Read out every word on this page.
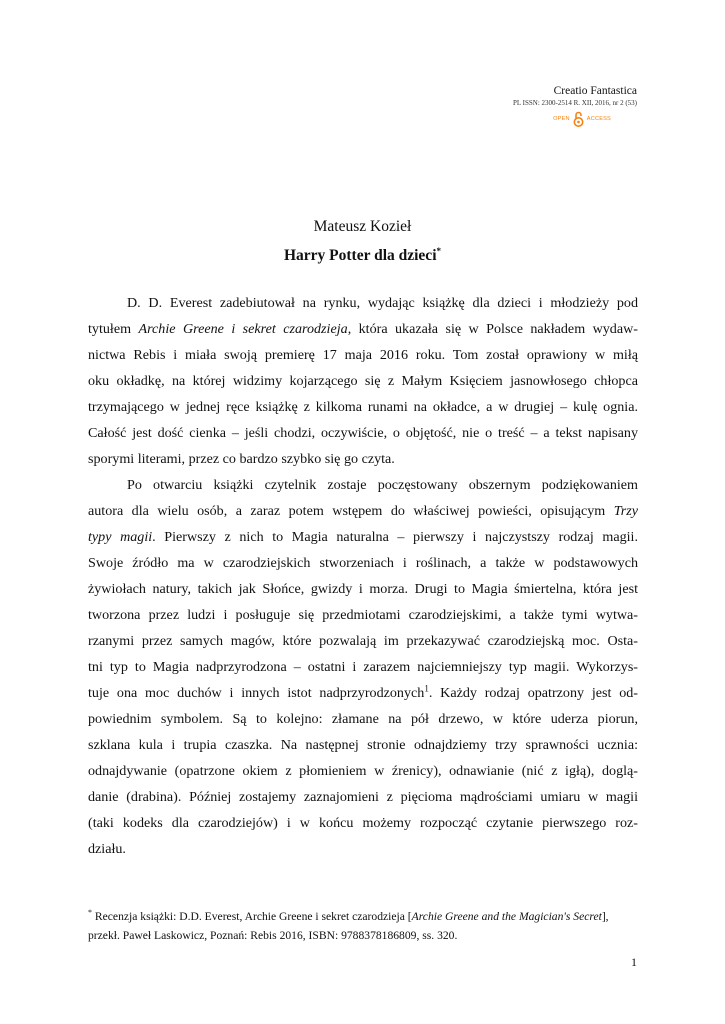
Creatio Fantastica
PL ISSN: 2300-2514 R. XII, 2016, nr 2 (53)
OPEN	ACCESS
Mateusz Kozieł
Harry Potter dla dzieci*
D. D. Everest zadebiutował na rynku, wydając książkę dla dzieci i młodzieży pod
tytułem Archie Greene i sekret czarodzieja, która ukazała się w Polsce nakładem wydaw-
nictwa Rebis i miała swoją premierę 17 maja 2016 roku. Tom został oprawiony w miłą
oku okładkę, na której widzimy kojarzącego się z Małym Księciem jasnowłosego chłopca
trzymającego w jednej ręce książkę z kilkoma runami na okładce, a w drugiej – kulę ognia.
Całość jest dość cienka – jeśli chodzi, oczywiście, o objętość, nie o treść – a tekst napisany
sporymi literami, przez co bardzo szybko się go czyta.
Po otwarciu książki czytelnik zostaje poczęstowany obszernym podziękowaniem
autora dla wielu osób, a zaraz potem wstępem do właściwej powieści, opisującym Trzy
typy magii. Pierwszy z nich to Magia naturalna – pierwszy i najczystszy rodzaj magii.
Swoje źródło ma w czarodziejskich stworzeniach i roślinach, a także w podstawowych
żywiołach natury, takich jak Słońce, gwizdy i morza. Drugi to Magia śmiertelna, która jest
tworzona przez ludzi i posługuje się przedmiotami czarodziejskimi, a także tymi wytwa-
rzanymi przez samych magów, które pozwalają im przekazywać czarodziejską moc. Osta-
tni typ to Magia nadprzyrodzona – ostatni i zarazem najciemniejszy typ magii. Wykorzys-
tuje ona moc duchów i innych istot nadprzyrodzonych$^1$. Każdy rodzaj opatrzony jest od-
powiednim symbolem. Są to kolejno: złamane na pół drzewo, w które uderza piorun,
szklana kula i trupia czaszka. Na następnej stronie odnajdziemy trzy sprawności ucznia:
odnajdywanie (opatrzone okiem z płomieniem w źrenicy), odnawianie (nić z igłą), doglą-
danie (drabina). Później zostajemy zaznajomieni z pięcioma mądrościami umiaru w magii
(taki kodeks dla czarodziejów) i w końcu możemy rozpocząć czytanie pierwszego roz-
działu.
* Recenzja książki: D.D. Everest, Archie Greene i sekret czarodzieja [Archie Greene and the Magician's Secret],
przekł. Paweł Laskowicz, Poznań: Rebis 2016, ISBN: 9788378186809, ss. 320.
1
